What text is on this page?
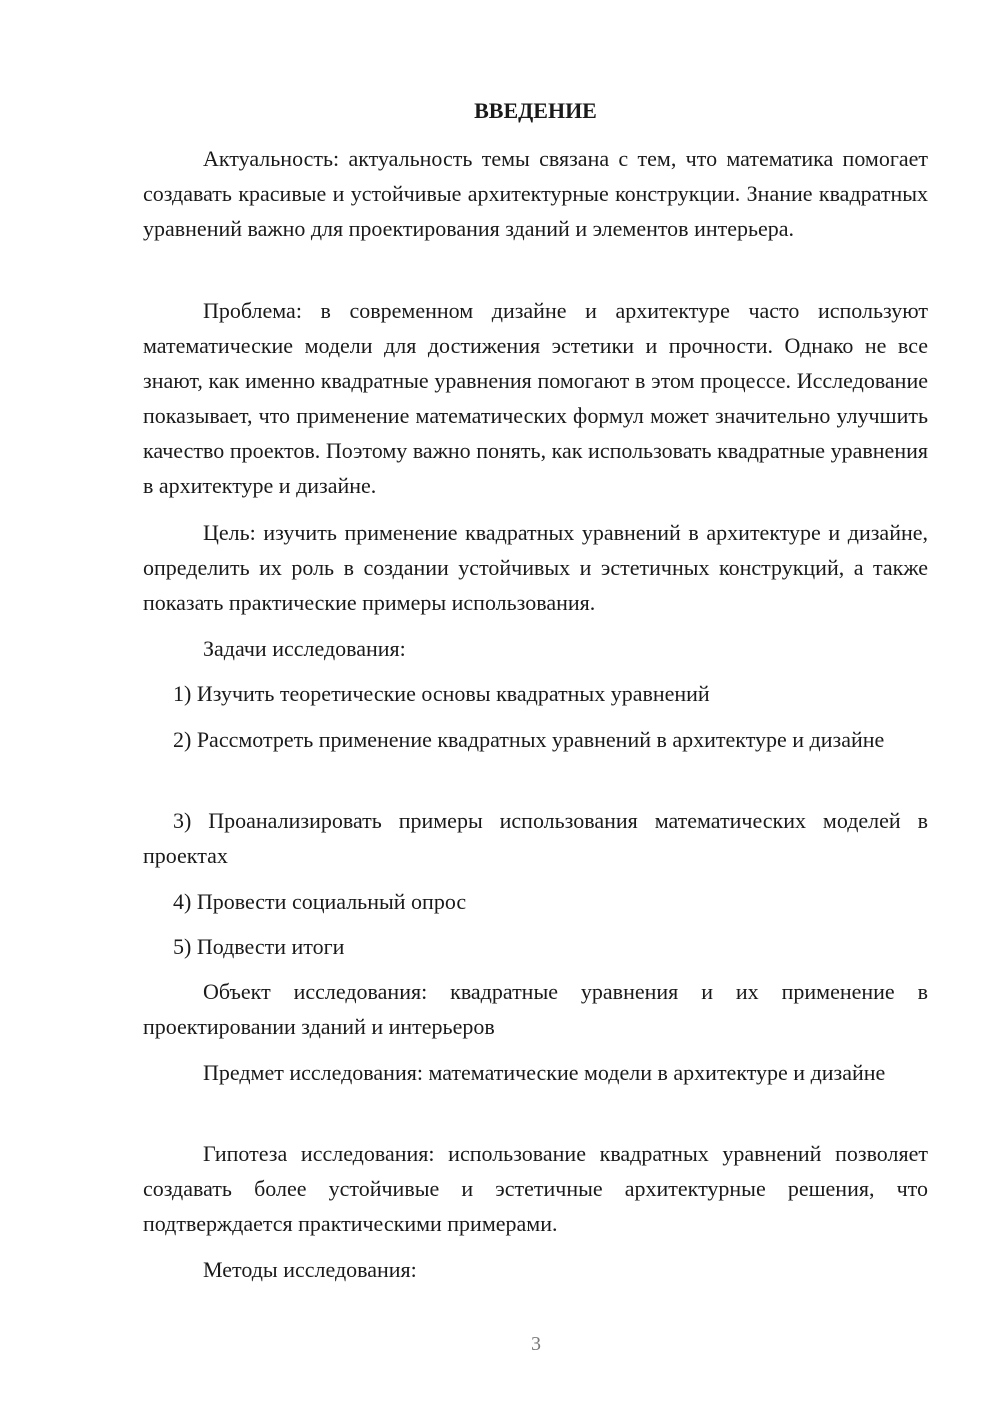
ВВЕДЕНИЕ

Актуальность: актуальность темы связана с тем, что математика помогает создавать красивые и устойчивые архитектурные конструкции. Знание квадратных уравнений важно для проектирования зданий и элементов интерьера.

Проблема: в современном дизайне и архитектуре часто используют математические модели для достижения эстетики и прочности. Однако не все знают, как именно квадратные уравнения помогают в этом процессе. Исследование показывает, что применение математических формул может значительно улучшить качество проектов. Поэтому важно понять, как использовать квадратные уравнения в архитектуре и дизайне.

Цель: изучить применение квадратных уравнений в архитектуре и дизайне, определить их роль в создании устойчивых и эстетичных конструкций, а также показать практические примеры использования.

Задачи исследования:

1) Изучить теоретические основы квадратных уравнений

2) Рассмотреть применение квадратных уравнений в архитектуре и дизайне

3) Проанализировать примеры использования математических моделей в проектах

4) Провести социальный опрос

5) Подвести итоги

Объект исследования: квадратные уравнения и их применение в проектировании зданий и интерьеров

Предмет исследования: математические модели в архитектуре и дизайне

Гипотеза исследования: использование квадратных уравнений позволяет создавать более устойчивые и эстетичные архитектурные решения, что подтверждается практическими примерами.

Методы исследования:

3
